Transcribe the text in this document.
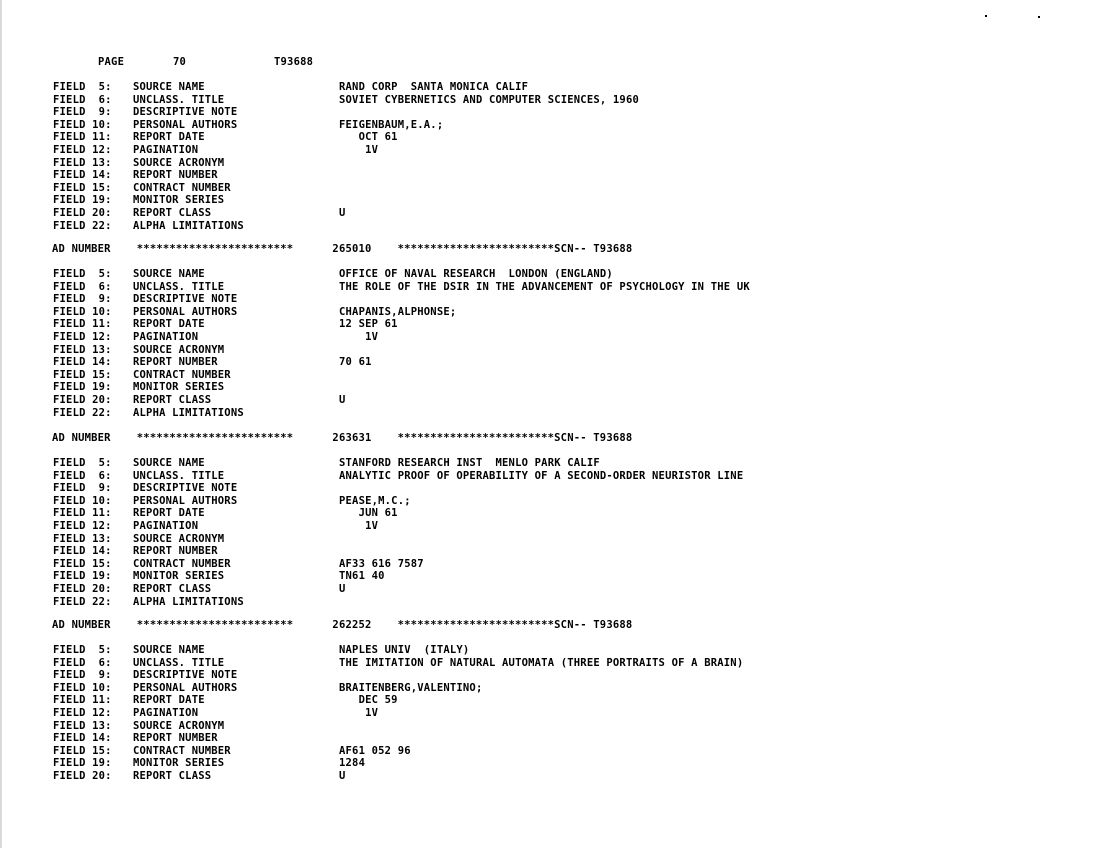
PAGE	70	T93688
FIELD  5: SOURCE NAME	RAND CORP  SANTA MONICA CALIF
FIELD  6: UNCLASS. TITLE	SOVIET CYBERNETICS AND COMPUTER SCIENCES, 1960
FIELD  9: DESCRIPTIVE NOTE
FIELD 10: PERSONAL AUTHORS	FEIGENBAUM,E.A.;
FIELD 11: REPORT DATE	OCT 61
FIELD 12: PAGINATION	1V
FIELD 13: SOURCE ACRONYM
FIELD 14: REPORT NUMBER
FIELD 15: CONTRACT NUMBER
FIELD 19: MONITOR SERIES
FIELD 20: REPORT CLASS	U
FIELD 22: ALPHA LIMITATIONS
AD NUMBER    ************************      265010    ************************SCN-- T93688
FIELD  5: SOURCE NAME	OFFICE OF NAVAL RESEARCH  LONDON (ENGLAND)
FIELD  6: UNCLASS. TITLE	THE ROLE OF THE DSIR IN THE ADVANCEMENT OF PSYCHOLOGY IN THE UK
FIELD  9: DESCRIPTIVE NOTE
FIELD 10: PERSONAL AUTHORS	CHAPANIS,ALPHONSE;
FIELD 11: REPORT DATE	12 SEP 61
FIELD 12: PAGINATION	1V
FIELD 13: SOURCE ACRONYM
FIELD 14: REPORT NUMBER	70 61
FIELD 15: CONTRACT NUMBER
FIELD 19: MONITOR SERIES
FIELD 20: REPORT CLASS	U
FIELD 22: ALPHA LIMITATIONS
AD NUMBER    ************************      263631    ************************SCN-- T93688
FIELD  5: SOURCE NAME	STANFORD RESEARCH INST  MENLO PARK CALIF
FIELD  6: UNCLASS. TITLE	ANALYTIC PROOF OF OPERABILITY OF A SECOND-ORDER NEURISTOR LINE
FIELD  9: DESCRIPTIVE NOTE
FIELD 10: PERSONAL AUTHORS	PEASE,M.C.;
FIELD 11: REPORT DATE	JUN 61
FIELD 12: PAGINATION	1V
FIELD 13: SOURCE ACRONYM
FIELD 14: REPORT NUMBER
FIELD 15: CONTRACT NUMBER	AF33 616 7587
FIELD 19: MONITOR SERIES	TN61 40
FIELD 20: REPORT CLASS	U
FIELD 22: ALPHA LIMITATIONS
AD NUMBER    ************************      262252    ************************SCN-- T93688
FIELD  5: SOURCE NAME	NAPLES UNIV  (ITALY)
FIELD  6: UNCLASS. TITLE	THE IMITATION OF NATURAL AUTOMATA (THREE PORTRAITS OF A BRAIN)
FIELD  9: DESCRIPTIVE NOTE
FIELD 10: PERSONAL AUTHORS	BRAITENBERG,VALENTINO;
FIELD 11: REPORT DATE	DEC 59
FIELD 12: PAGINATION	1V
FIELD 13: SOURCE ACRONYM
FIELD 14: REPORT NUMBER
FIELD 15: CONTRACT NUMBER	AF61 052 96
FIELD 19: MONITOR SERIES	1284
FIELD 20: REPORT CLASS	U
